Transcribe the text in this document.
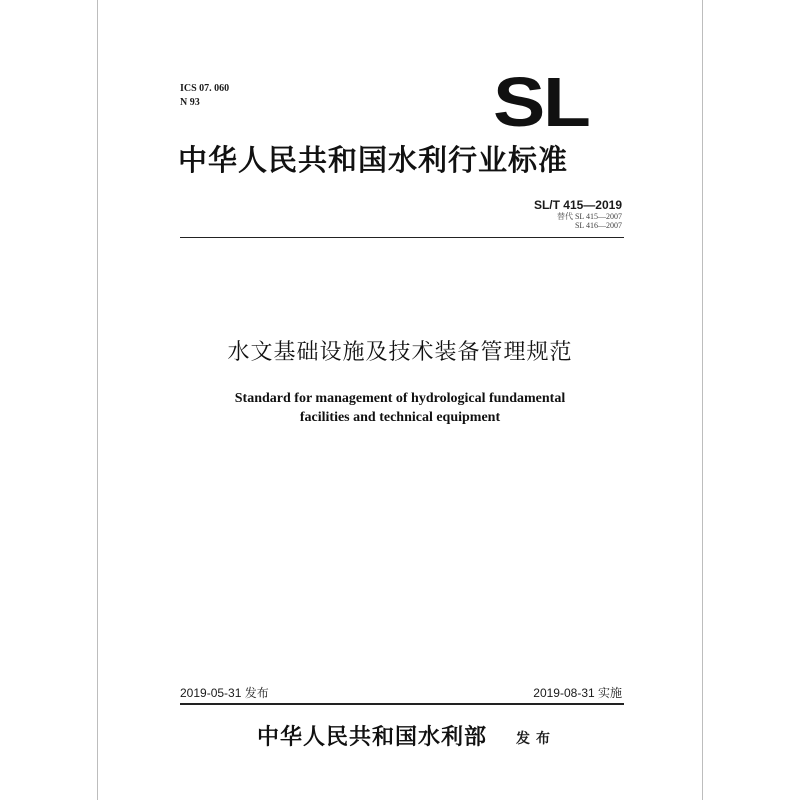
ICS 07. 060
N 93	SL
中华人民共和国水利行业标准
SL/T 415—2019
替代 SL 415—2007
SL 416—2007
水文基础设施及技术装备管理规范
Standard for management of hydrological fundamental
facilities and technical equipment
2019-05-31 发布	2019-08-31 实施
中华人民共和国水利部 发布
